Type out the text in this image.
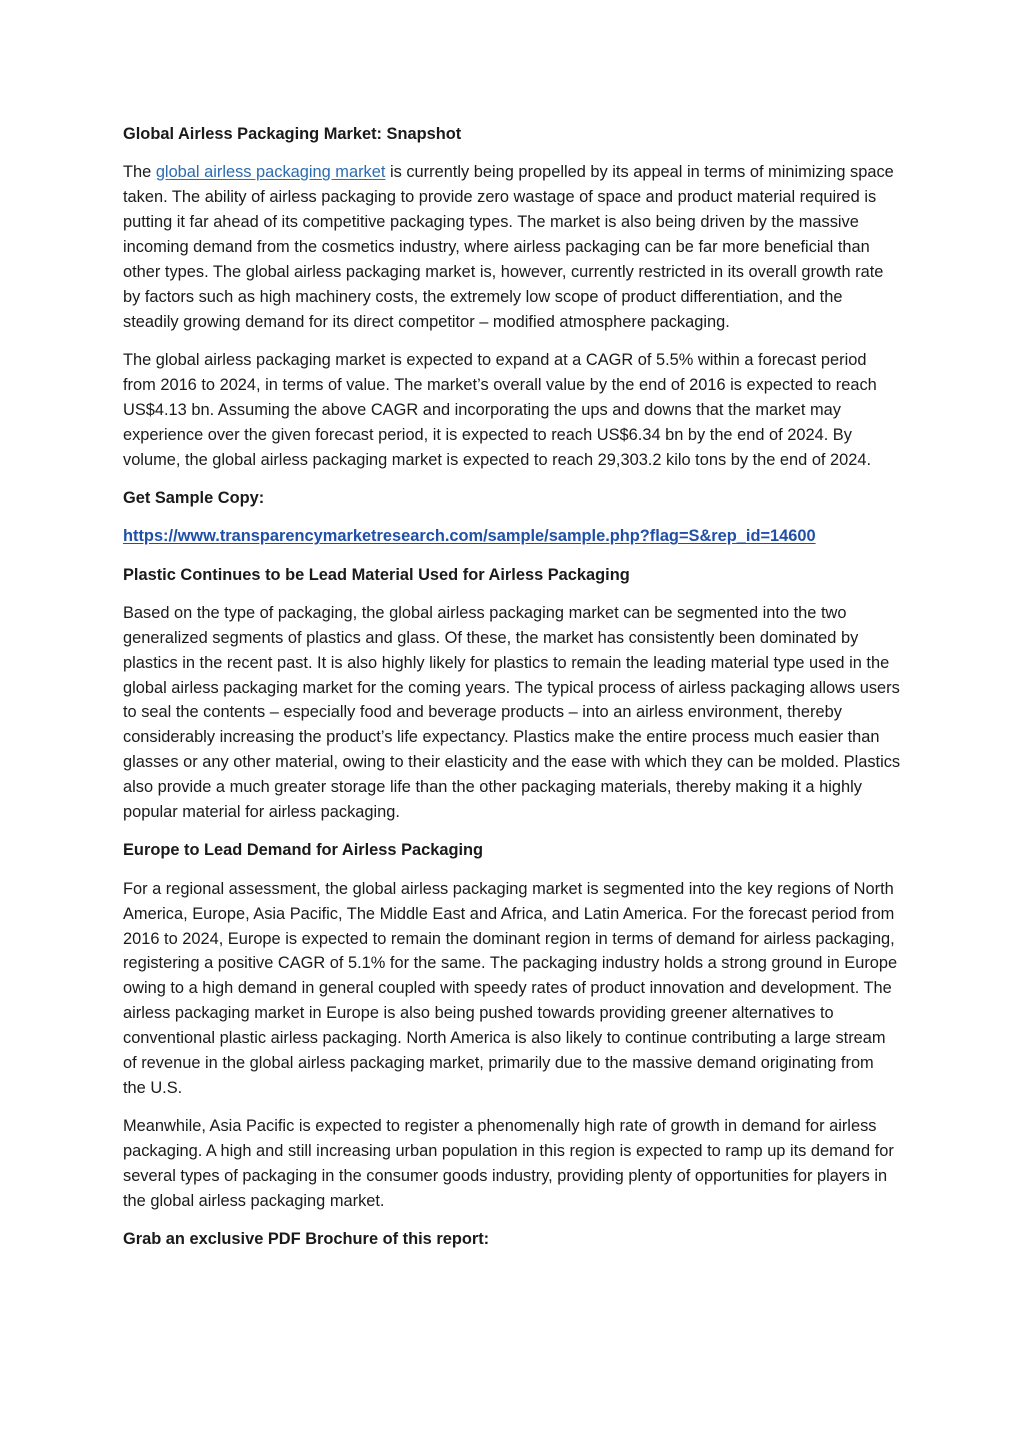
Global Airless Packaging Market: Snapshot

The global airless packaging market is currently being propelled by its appeal in terms of minimizing space taken. The ability of airless packaging to provide zero wastage of space and product material required is putting it far ahead of its competitive packaging types. The market is also being driven by the massive incoming demand from the cosmetics industry, where airless packaging can be far more beneficial than other types. The global airless packaging market is, however, currently restricted in its overall growth rate by factors such as high machinery costs, the extremely low scope of product differentiation, and the steadily growing demand for its direct competitor – modified atmosphere packaging.

The global airless packaging market is expected to expand at a CAGR of 5.5% within a forecast period from 2016 to 2024, in terms of value. The market’s overall value by the end of 2016 is expected to reach US$4.13 bn. Assuming the above CAGR and incorporating the ups and downs that the market may experience over the given forecast period, it is expected to reach US$6.34 bn by the end of 2024. By volume, the global airless packaging market is expected to reach 29,303.2 kilo tons by the end of 2024.

Get Sample Copy:

https://www.transparencymarketresearch.com/sample/sample.php?flag=S&rep_id=14600

Plastic Continues to be Lead Material Used for Airless Packaging

Based on the type of packaging, the global airless packaging market can be segmented into the two generalized segments of plastics and glass. Of these, the market has consistently been dominated by plastics in the recent past. It is also highly likely for plastics to remain the leading material type used in the global airless packaging market for the coming years. The typical process of airless packaging allows users to seal the contents – especially food and beverage products – into an airless environment, thereby considerably increasing the product’s life expectancy. Plastics make the entire process much easier than glasses or any other material, owing to their elasticity and the ease with which they can be molded. Plastics also provide a much greater storage life than the other packaging materials, thereby making it a highly popular material for airless packaging.

Europe to Lead Demand for Airless Packaging

For a regional assessment, the global airless packaging market is segmented into the key regions of North America, Europe, Asia Pacific, The Middle East and Africa, and Latin America. For the forecast period from 2016 to 2024, Europe is expected to remain the dominant region in terms of demand for airless packaging, registering a positive CAGR of 5.1% for the same. The packaging industry holds a strong ground in Europe owing to a high demand in general coupled with speedy rates of product innovation and development. The airless packaging market in Europe is also being pushed towards providing greener alternatives to conventional plastic airless packaging. North America is also likely to continue contributing a large stream of revenue in the global airless packaging market, primarily due to the massive demand originating from the U.S.

Meanwhile, Asia Pacific is expected to register a phenomenally high rate of growth in demand for airless packaging. A high and still increasing urban population in this region is expected to ramp up its demand for several types of packaging in the consumer goods industry, providing plenty of opportunities for players in the global airless packaging market.

Grab an exclusive PDF Brochure of this report:
